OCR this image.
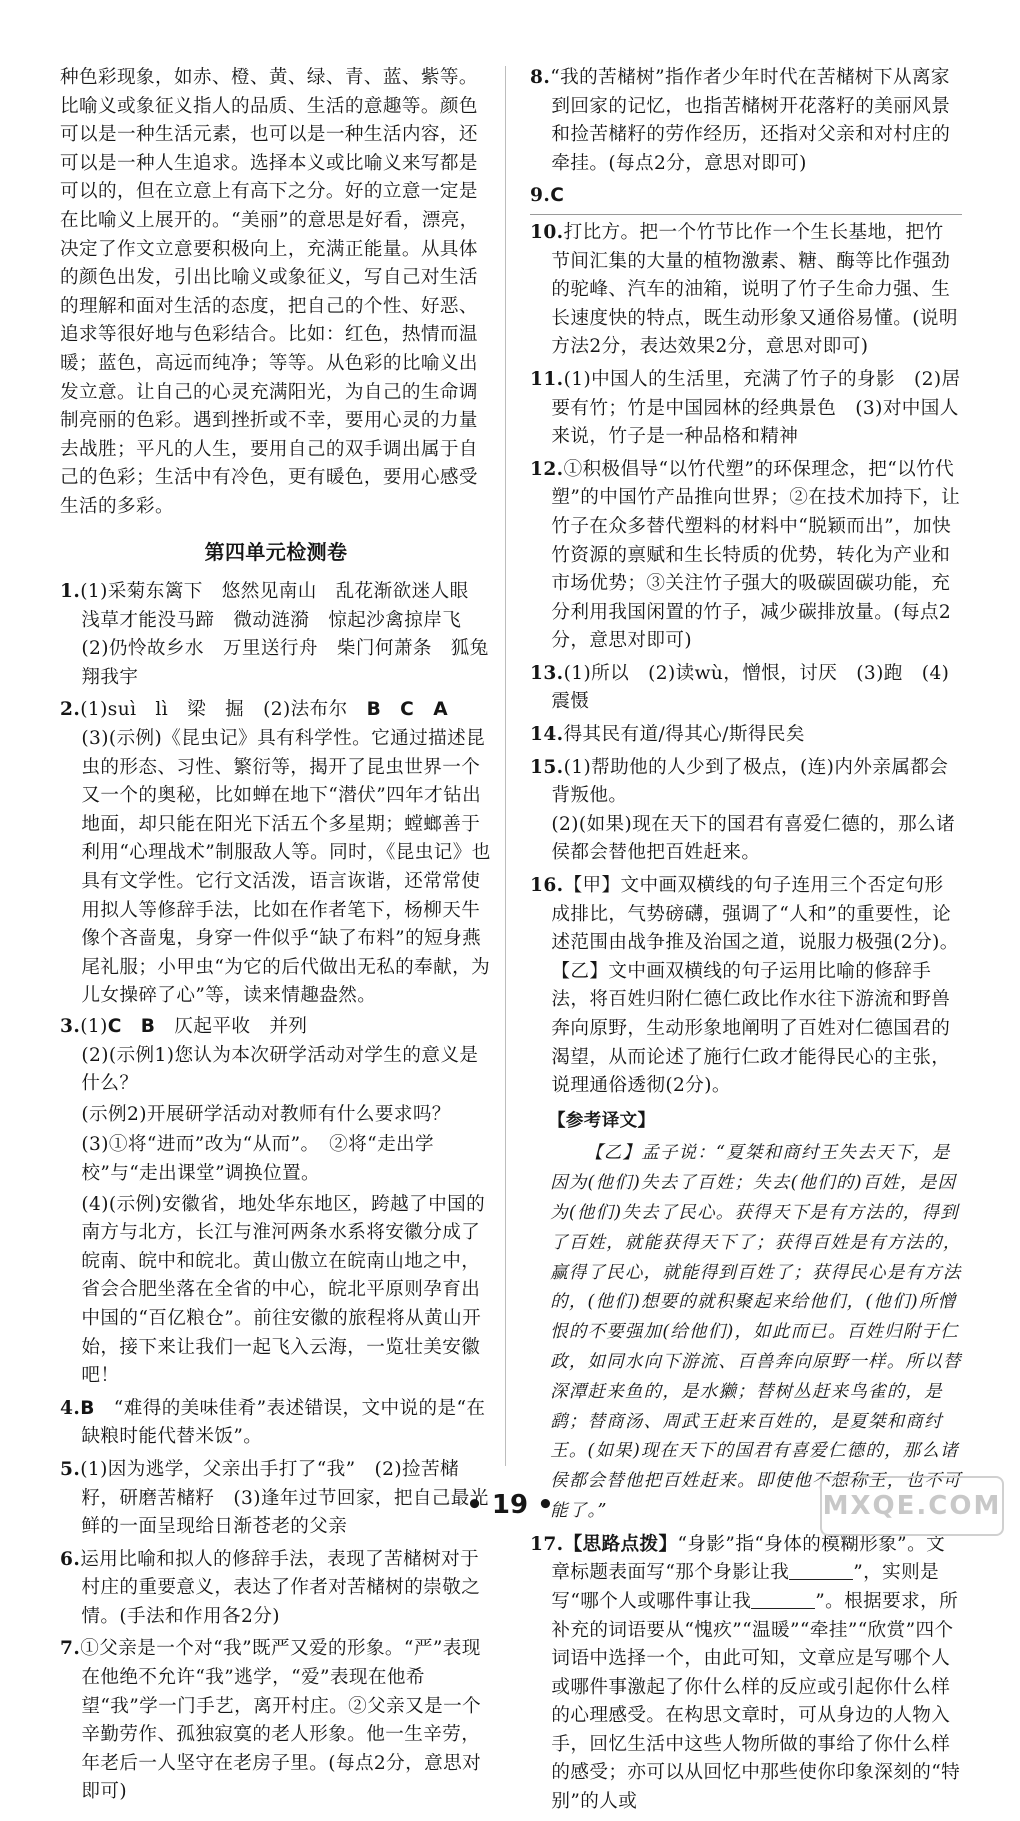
种色彩现象，如赤、橙、黄、绿、青、蓝、紫等。比喻义或象征义指人的品质、生活的意趣等。颜色可以是一种生活元素，也可以是一种生活内容，还可以是一种人生追求。选择本义或比喻义来写都是可以的，但在立意上有高下之分。好的立意一定是在比喻义上展开的。“美丽”的意思是好看，漂亮，决定了作文立意要积极向上，充满正能量。从具体的颜色出发，引出比喻义或象征义，写自己对生活的理解和面对生活的态度，把自己的个性、好恶、追求等很好地与色彩结合。比如：红色，热情而温暖；蓝色，高远而纯净；等等。从色彩的比喻义出发立意。让自己的心灵充满阳光，为自己的生命调制亮丽的色彩。遇到挫折或不幸，要用心灵的力量去战胜；平凡的人生，要用自己的双手调出属于自己的色彩；生活中有冷色，更有暖色，要用心感受生活的多彩。

第四单元检测卷

1.(1)采菊东篱下　悠然见南山　乱花渐欲迷人眼　浅草才能没马蹄　微动涟漪　惊起沙禽掠岸飞　(2)仍怜故乡水　万里送行舟　柴门何萧条　狐兔翔我宇

2.(1)suì　lì　梁　掘　(2)法布尔　 B　C　A

(3)(示例)《昆虫记》具有科学性。它通过描述昆虫的形态、习性、繁衍等，揭开了昆虫世界一个又一个的奥秘，比如蝉在地下“潜伏”四年才钻出地面，却只能在阳光下活五个多星期；螳螂善于利用“心理战术”制服敌人等。同时，《昆虫记》也具有文学性。它行文活泼，语言诙谐，还常常使用拟人等修辞手法，比如在作者笔下，杨柳天牛像个吝啬鬼，身穿一件似乎“缺了布料”的短身燕尾礼服；小甲虫“为它的后代做出无私的奉献，为儿女操碎了心”等，读来情趣盎然。

3.(1)C　B　仄起平收　并列

(2)(示例1)您认为本次研学活动对学生的意义是什么？

(示例2)开展研学活动对教师有什么要求吗？

(3)①将“进而”改为“从而”。　②将“走出学校”与“走出课堂”调换位置。

(4)(示例)安徽省，地处华东地区，跨越了中国的南方与北方，长江与淮河两条水系将安徽分成了皖南、皖中和皖北。黄山傲立在皖南山地之中，省会合肥坐落在全省的中心，皖北平原则孕育出中国的“百亿粮仓”。前往安徽的旅程将从黄山开始，接下来让我们一起飞入云海，一览壮美安徽吧！

4.B　 “难得的美味佳肴”表述错误，文中说的是“在缺粮时能代替米饭”。

5.(1)因为逃学，父亲出手打了“我”　(2)捡苦槠籽，研磨苦槠籽　(3)逢年过节回家，把自己最光鲜的一面呈现给日渐苍老的父亲

6.运用比喻和拟人的修辞手法，表现了苦槠树对于村庄的重要意义，表达了作者对苦槠树的崇敬之情。(手法和作用各2分)

7.①父亲是一个对“我”既严又爱的形象。“严”表现在他绝不允许“我”逃学，“爱”表现在他希望“我”学一门手艺，离开村庄。②父亲又是一个辛勤劳作、孤独寂寞的老人形象。他一生辛劳，年老后一人坚守在老房子里。(每点2分，意思对即可)

8.“我的苦槠树”指作者少年时代在苦槠树下从离家到回家的记忆，也指苦槠树开花落籽的美丽风景和捡苦槠籽的劳作经历，还指对父亲和对村庄的牵挂。(每点2分，意思对即可)

9.C

10.打比方。把一个竹节比作一个生长基地，把竹节间汇集的大量的植物激素、糖、酶等比作强劲的驼峰、汽车的油箱，说明了竹子生命力强、生长速度快的特点，既生动形象又通俗易懂。(说明方法2分，表达效果2分，意思对即可)

11.(1)中国人的生活里，充满了竹子的身影　(2)居要有竹；竹是中国园林的经典景色　(3)对中国人来说，竹子是一种品格和精神

12.①积极倡导“以竹代塑”的环保理念，把“以竹代塑”的中国竹产品推向世界；②在技术加持下，让竹子在众多替代塑料的材料中“脱颖而出”，加快竹资源的禀赋和生长特质的优势，转化为产业和市场优势；③关注竹子强大的吸碳固碳功能，充分利用我国闲置的竹子，减少碳排放量。(每点2分，意思对即可)

13.(1)所以　(2)读wù，憎恨，讨厌　(3)跑　(4)震慑

14.得其民有道/得其心/斯得民矣

15.(1)帮助他的人少到了极点，(连)内外亲属都会背叛他。

(2)(如果)现在天下的国君有喜爱仁德的，那么诸侯都会替他把百姓赶来。

16.【甲】文中画双横线的句子连用三个否定句形成排比，气势磅礴，强调了“人和”的重要性，论述范围由战争推及治国之道，说服力极强(2分)。【乙】文中画双横线的句子运用比喻的修辞手法，将百姓归附仁德仁政比作水往下游流和野兽奔向原野，生动形象地阐明了百姓对仁德国君的渴望，从而论述了施行仁政才能得民心的主张，说理通俗透彻(2分)。

【参考译文】

【乙】孟子说：“夏桀和商纣王失去天下，是因为(他们)失去了百姓；失去(他们的)百姓，是因为(他们)失去了民心。获得天下是有方法的，得到了百姓，就能获得天下了；获得百姓是有方法的，赢得了民心，就能得到百姓了；获得民心是有方法的，(他们)想要的就积聚起来给他们，(他们)所憎恨的不要强加(给他们)，如此而已。百姓归附于仁政，如同水向下游流、百兽奔向原野一样。所以替深潭赶来鱼的，是水獭；替树丛赶来鸟雀的，是鹞；替商汤、周武王赶来百姓的，是夏桀和商纣王。(如果)现在天下的国君有喜爱仁德的，那么诸侯都会替他把百姓赶来。即使他不想称王，也不可能了。”

17.【思路点拨】“身影”指“身体的模糊形象”。文章标题表面写“那个身影让我	”，实则是写“哪个人或哪件事让我	”。根据要求，所补充的词语要从“愧疚”“温暖”“牵挂”“欣赏”四个词语中选择一个，由此可知，文章应是写哪个人或哪件事激起了你什么样的反应或引起你什么样的心理感受。在构思文章时，可从身边的人物入手，回忆生活中这些人物所做的事给了你什么样的感受；亦可以从回忆中那些使你印象深刻的“特别”的人或

• 19 •	MXQE.COM
